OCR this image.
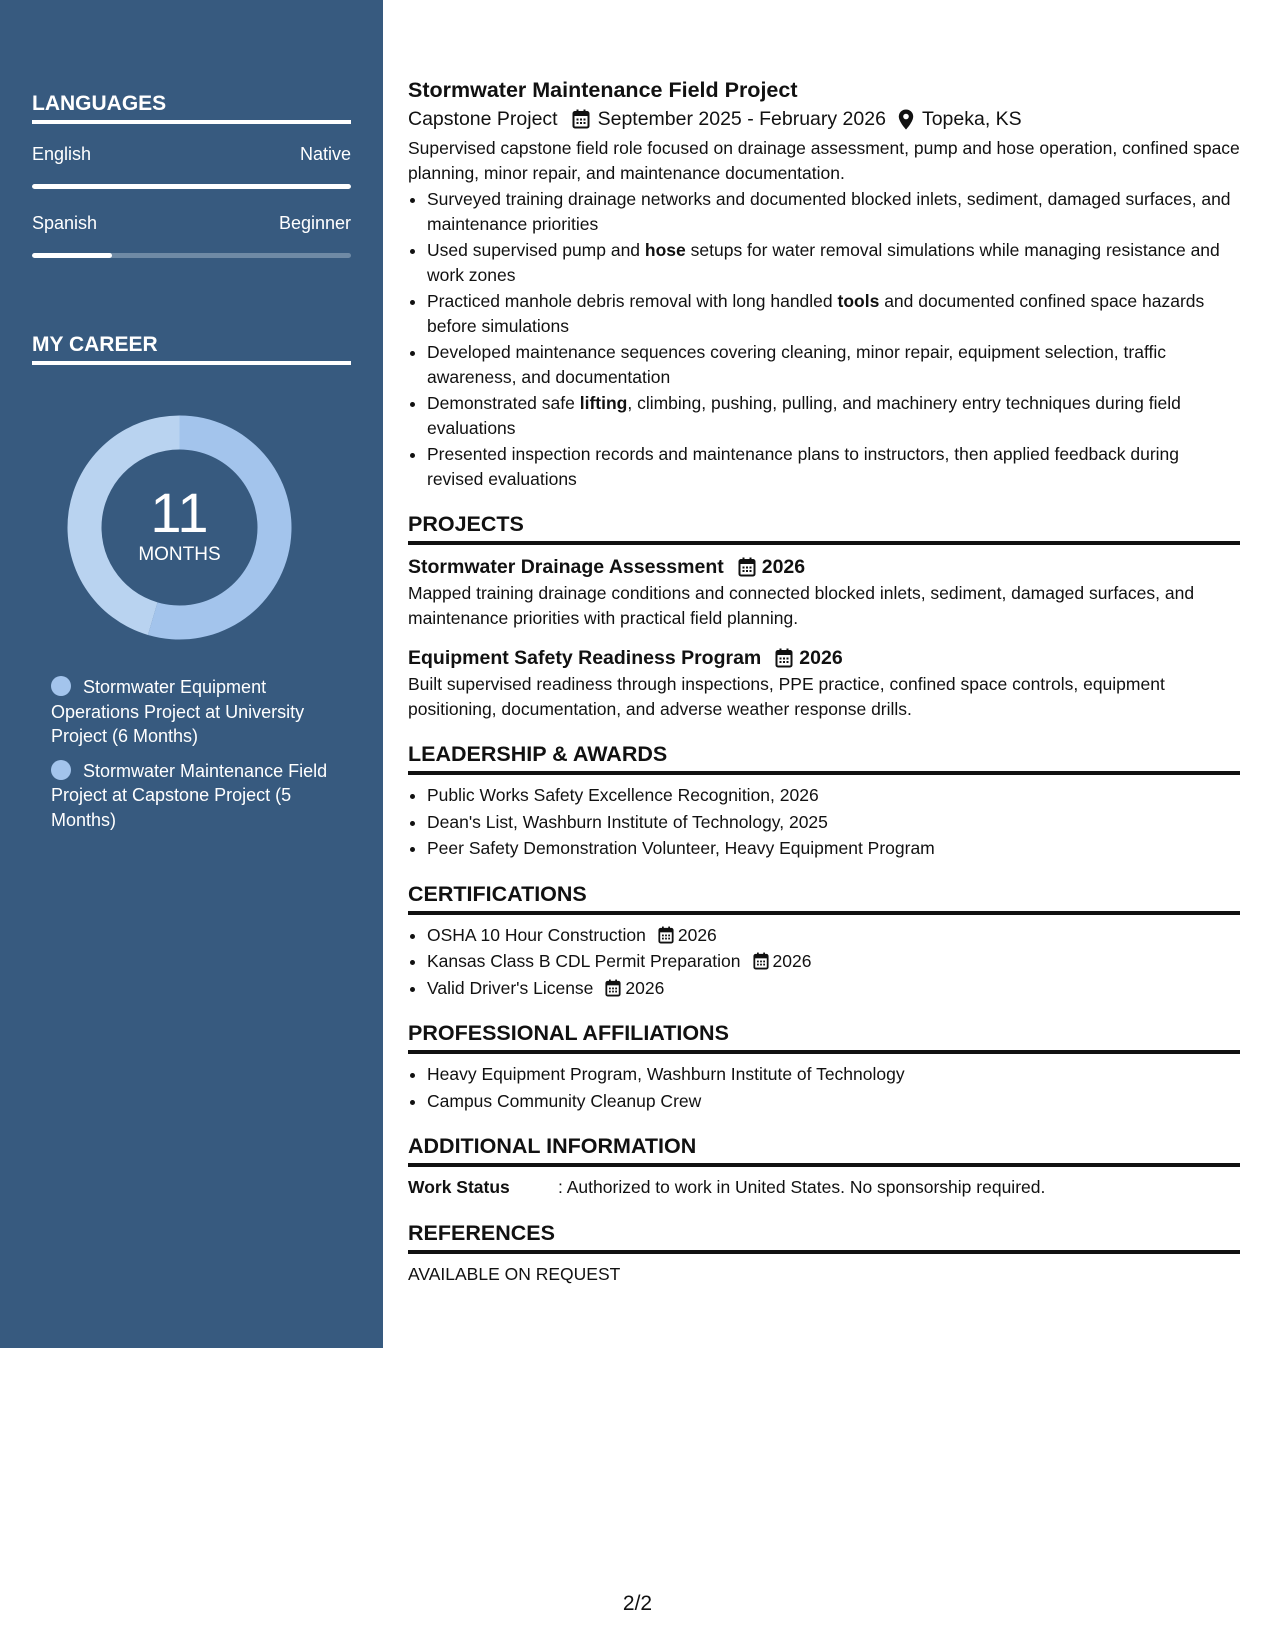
LANGUAGES
English	Native
Spanish	Beginner
MY CAREER
11
MONTHS
Stormwater Equipment Operations Project at University Project (6 Months)
Stormwater Maintenance Field Project at Capstone Project (5 Months)
Stormwater Maintenance Field Project
Capstone Project September 2025 - February 2026 Topeka, KS

Supervised capstone field role focused on drainage assessment, pump and hose operation, confined space planning, minor repair, and maintenance documentation.

• Surveyed training drainage networks and documented blocked inlets, sediment, damaged surfaces, and maintenance priorities
• Used supervised pump and hose setups for water removal simulations while managing resistance and work zones
• Practiced manhole debris removal with long handled tools and documented confined space hazards before simulations
• Developed maintenance sequences covering cleaning, minor repair, equipment selection, traffic awareness, and documentation
• Demonstrated safe lifting, climbing, pushing, pulling, and machinery entry techniques during field evaluations
• Presented inspection records and maintenance plans to instructors, then applied feedback during revised evaluations
PROJECTS
Stormwater Drainage Assessment 2026

Mapped training drainage conditions and connected blocked inlets, sediment, damaged surfaces, and maintenance priorities with practical field planning.

Equipment Safety Readiness Program 2026

Built supervised readiness through inspections, PPE practice, confined space controls, equipment positioning, documentation, and adverse weather response drills.

LEADERSHIP & AWARDS
• Public Works Safety Excellence Recognition, 2026
• Dean's List, Washburn Institute of Technology, 2025
• Peer Safety Demonstration Volunteer, Heavy Equipment Program
CERTIFICATIONS
• OSHA 10 Hour Construction 2026
• Kansas Class B CDL Permit Preparation 2026
• Valid Driver's License 2026
PROFESSIONAL AFFILIATIONS
• Heavy Equipment Program, Washburn Institute of Technology
• Campus Community Cleanup Crew
ADDITIONAL INFORMATION
Work Status	: Authorized to work in United States. No sponsorship required.
REFERENCES

AVAILABLE ON REQUEST

2/2
